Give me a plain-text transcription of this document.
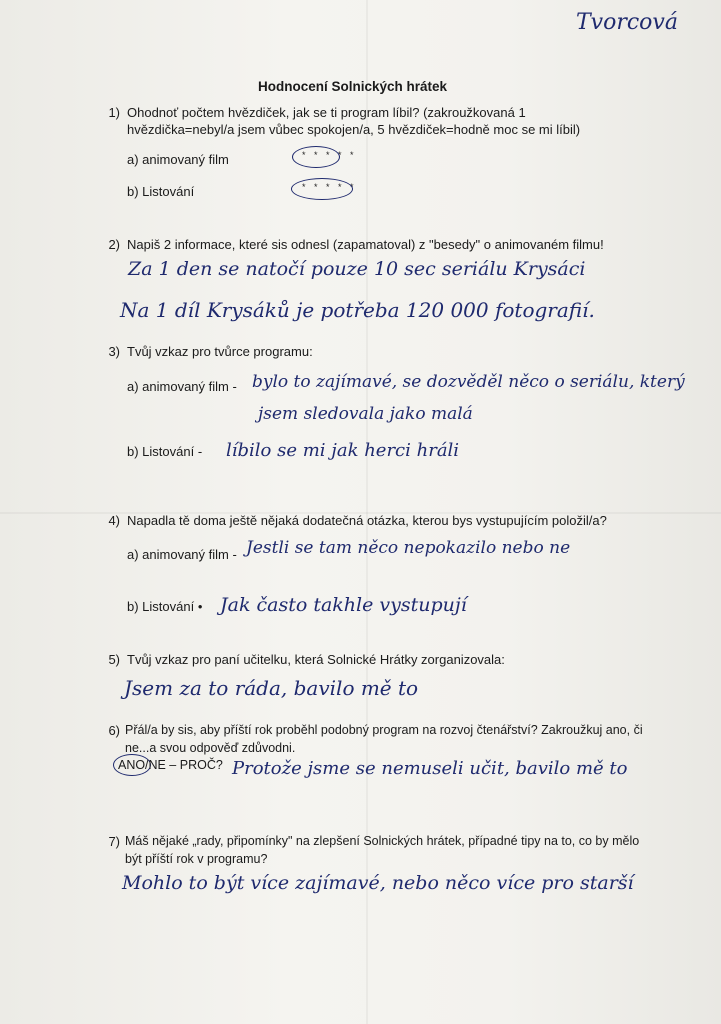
Tvorcová
Hodnocení Solnických hrátek
1) Ohodnoť počtem hvězdiček, jak se ti program líbil? (zakroužkovaná 1 hvězdička=nebyl/a jsem vůbec spokojen/a, 5 hvězdiček=hodně moc se mi líbil)
a) animovaný film	* * * * *
b) Listování	* * * * *
2) Napiš 2 informace, které sis odnesl (zapamatoval) z "besedy" o animovaném filmu!
Za 1 den se natočí pouze 10 sec seriálu Krysáci
Na 1 díl Krysáků je potřeba 120 000 fotografií.
3) Tvůj vzkaz pro tvůrce programu:
a) animovaný film - bylo to zajímavé, se dozvěděl něco o seriálu, který
jsem sledovala jako malá
b) Listování - líbilo se mi jak herci hráli
4) Napadla tě doma ještě nějaká dodatečná otázka, kterou bys vystupujícím položil/a?
a) animovaný film - Jestli se tam něco nepokazilo nebo ne
b) Listování • Jak často takhle vystupují
5) Tvůj vzkaz pro paní učitelku, která Solnické Hrátky zorganizovala:
Jsem za to ráda, bavilo mě to
6) Přál/a by sis, aby příští rok proběhl podobný program na rozvoj čtenářství? Zakroužkuj ano, či
ne...a svou odpověď zdůvodni.
ANO /NE – PROČ? Protože jsme se nemuseli učit, bavilo mě to
7) Máš nějaké „rady, připomínky" na zlepšení Solnických hrátek, případné tipy na to, co by mělo
být příští rok v programu?
Mohlo to být více zajímavé, nebo něco více pro starší
